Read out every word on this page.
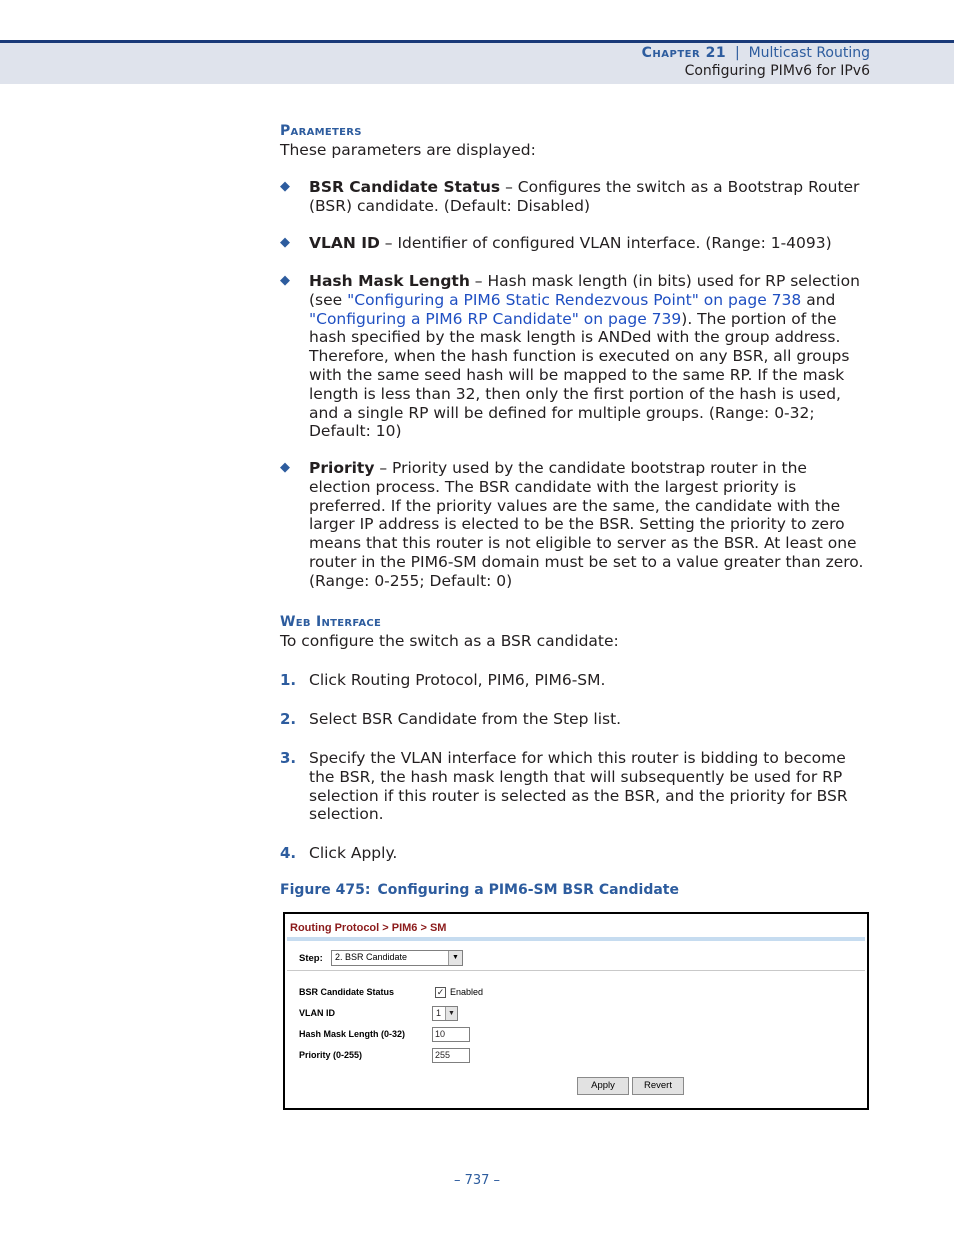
Chapter 21 | Multicast Routing
Configuring PIMv6 for IPv6
Parameters
These parameters are displayed:
◆ BSR Candidate Status – Configures the switch as a Bootstrap Router (BSR) candidate. (Default: Disabled)
◆ VLAN ID – Identifier of configured VLAN interface. (Range: 1-4093)
◆ Hash Mask Length – Hash mask length (in bits) used for RP selection (see "Configuring a PIM6 Static Rendezvous Point" on page 738 and "Configuring a PIM6 RP Candidate" on page 739). The portion of the hash specified by the mask length is ANDed with the group address. Therefore, when the hash function is executed on any BSR, all groups with the same seed hash will be mapped to the same RP. If the mask length is less than 32, then only the first portion of the hash is used, and a single RP will be defined for multiple groups. (Range: 0-32; Default: 10)
◆ Priority – Priority used by the candidate bootstrap router in the election process. The BSR candidate with the largest priority is preferred. If the priority values are the same, the candidate with the larger IP address is elected to be the BSR. Setting the priority to zero means that this router is not eligible to server as the BSR. At least one router in the PIM6-SM domain must be set to a value greater than zero. (Range: 0-255; Default: 0)
Web Interface
To configure the switch as a BSR candidate:
1. Click Routing Protocol, PIM6, PIM6-SM.
2. Select BSR Candidate from the Step list.
3. Specify the VLAN interface for which this router is bidding to become the BSR, the hash mask length that will subsequently be used for RP selection if this router is selected as the BSR, and the priority for BSR selection.
4. Click Apply.
Figure 475: Configuring a PIM6-SM BSR Candidate
Routing Protocol > PIM6 > SM
Step: 2. BSR Candidate	▼
BSR Candidate Status	✓ Enabled
VLAN ID	1	▼
Hash Mask Length (0-32)	10
Priority (0-255)	255
Apply	Revert
– 737 –
